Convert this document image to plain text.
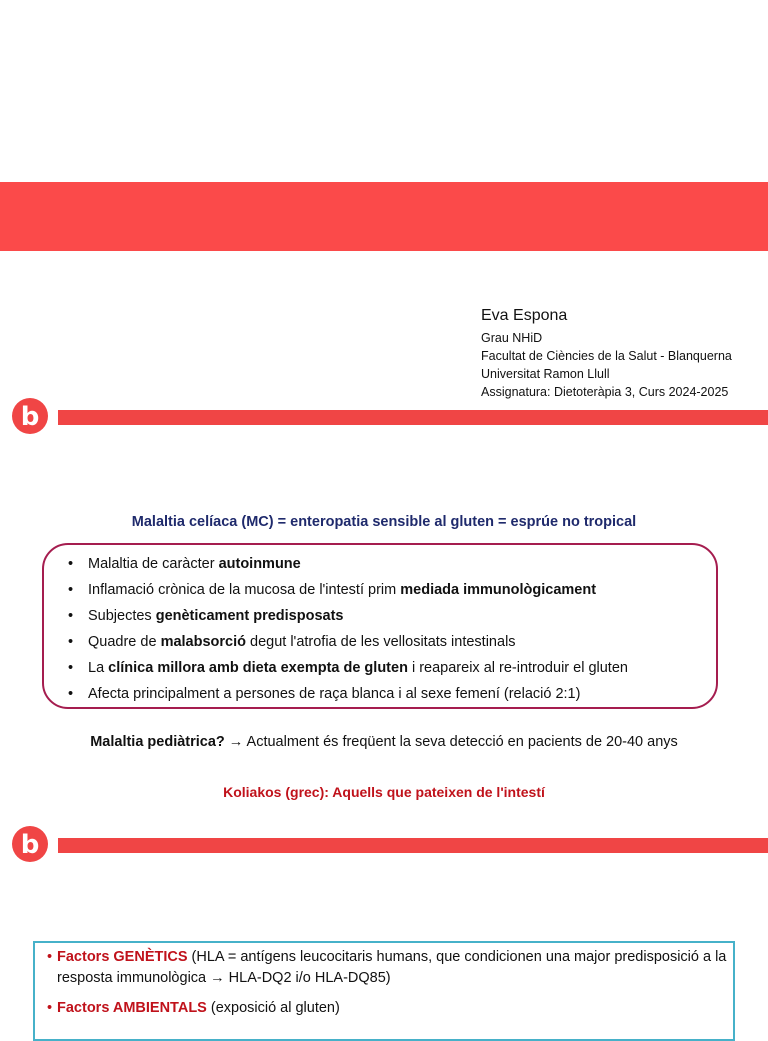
Eva Espona
Grau NHiD
Facultat de Ciències de la Salut - Blanquerna
Universitat Ramon Llull
Assignatura: Dietoteràpia 3, Curs 2024-2025
b
Malaltia celíaca (MC) = enteropatia sensible al gluten = esprúe no tropical
• Malaltia de caràcter autoinmune
• Inflamació crònica de la mucosa de l'intestí prim mediada immunològicament
• Subjectes genèticament predisposats
• Quadre de malabsorció degut l'atrofia de les vellositats intestinals
• La clínica millora amb dieta exempta de gluten i reapareix al re-introduir el gluten
• Afecta principalment a persones de raça blanca i al sexe femení (relació 2:1)
Malaltia pediàtrica? → Actualment és freqüent la seva detecció en pacients de 20-40 anys
Koliakos (grec): Aquells que pateixen de l'intestí
b
• Factors GENÈTICS (HLA = antígens leucocitaris humans, que condicionen una major predisposició a la resposta immunològica → HLA-DQ2 i/o HLA-DQ85)
• Factors AMBIENTALS (exposició al gluten)
